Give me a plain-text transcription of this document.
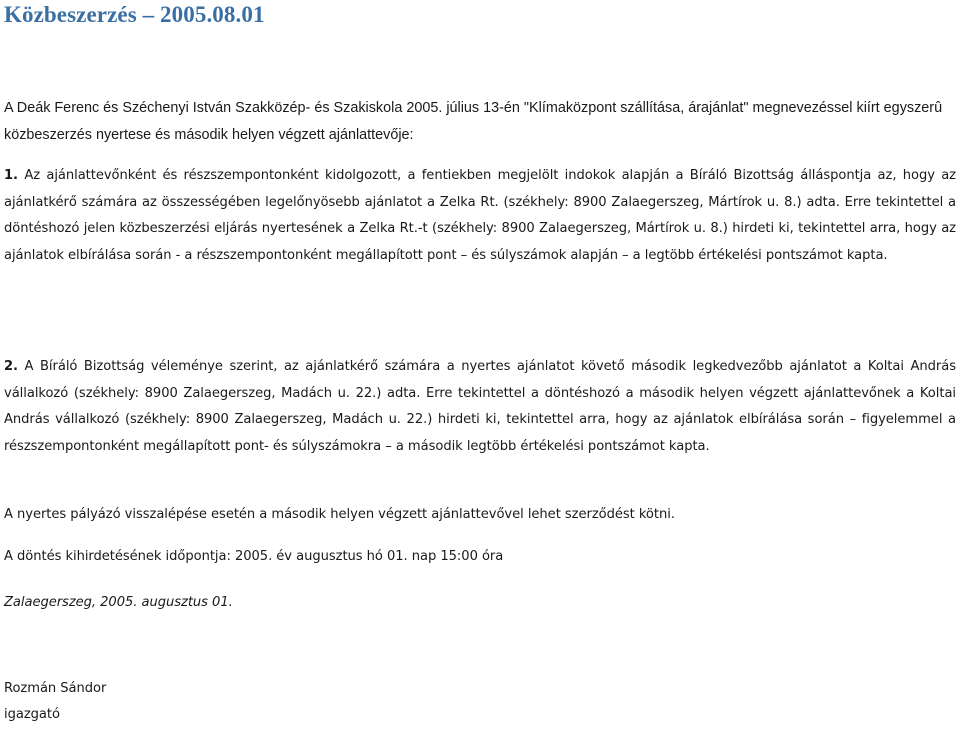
Közbeszerzés – 2005.08.01

A Deák Ferenc és Széchenyi István Szakközép- és Szakiskola 2005. július 13-én "Klímaközpont szállítása, árajánlat" megnevezéssel kiírt egyszerû közbeszerzés nyertese és második helyen végzett ajánlattevője:

1. Az ajánlattevőnként és részszempontonként kidolgozott, a fentiekben megjelölt indokok alapján a Bíráló Bizottság álláspontja az, hogy az ajánlatkérő számára az összességében legelőnyösebb ajánlatot a Zelka Rt. (székhely: 8900 Zalaegerszeg, Mártírok u. 8.) adta. Erre tekintettel a döntéshozó jelen közbeszerzési eljárás nyertesének a Zelka Rt.-t (székhely: 8900 Zalaegerszeg, Mártírok u. 8.) hirdeti ki, tekintettel arra, hogy az ajánlatok elbírálása során - a részszempontonként megállapított pont – és súlyszámok alapján – a legtöbb értékelési pontszámot kapta.

2. A Bíráló Bizottság véleménye szerint, az ajánlatkérő számára a nyertes ajánlatot követő második legkedvezőbb ajánlatot a Koltai András vállalkozó (székhely: 8900 Zalaegerszeg, Madách u. 22.) adta. Erre tekintettel a döntéshozó a második helyen végzett ajánlattevőnek a Koltai András vállalkozó (székhely: 8900 Zalaegerszeg, Madách u. 22.) hirdeti ki, tekintettel arra, hogy az ajánlatok elbírálása során – figyelemmel a részszempontonként megállapított pont- és súlyszámokra – a második legtöbb értékelési pontszámot kapta.

A nyertes pályázó visszalépése esetén a második helyen végzett ajánlattevővel lehet szerződést kötni.

A döntés kihirdetésének időpontja: 2005. év augusztus hó 01. nap 15:00 óra

Zalaegerszeg, 2005. augusztus 01.

Rozmán Sándor

igazgató
